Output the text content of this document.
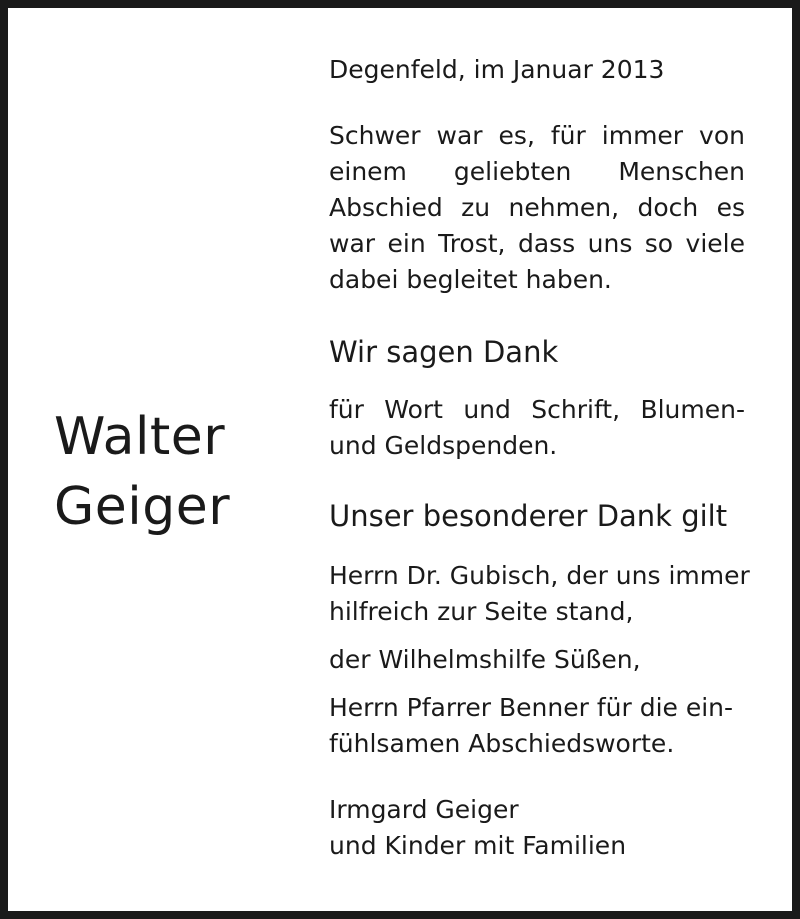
Walter
Geiger
Degenfeld, im Januar 2013
Schwer war es, für immer von
einem geliebten Menschen
Abschied zu nehmen, doch es
war ein Trost, dass uns so viele
dabei begleitet haben.
Wir sagen Dank
für Wort und Schrift, Blumen-
und Geldspenden.
Unser besonderer Dank gilt
Herrn Dr. Gubisch, der uns immer
hilfreich zur Seite stand,
der Wilhelmshilfe Süßen,
Herrn Pfarrer Benner für die ein-
fühlsamen Abschiedsworte.
Irmgard Geiger
und Kinder mit Familien
